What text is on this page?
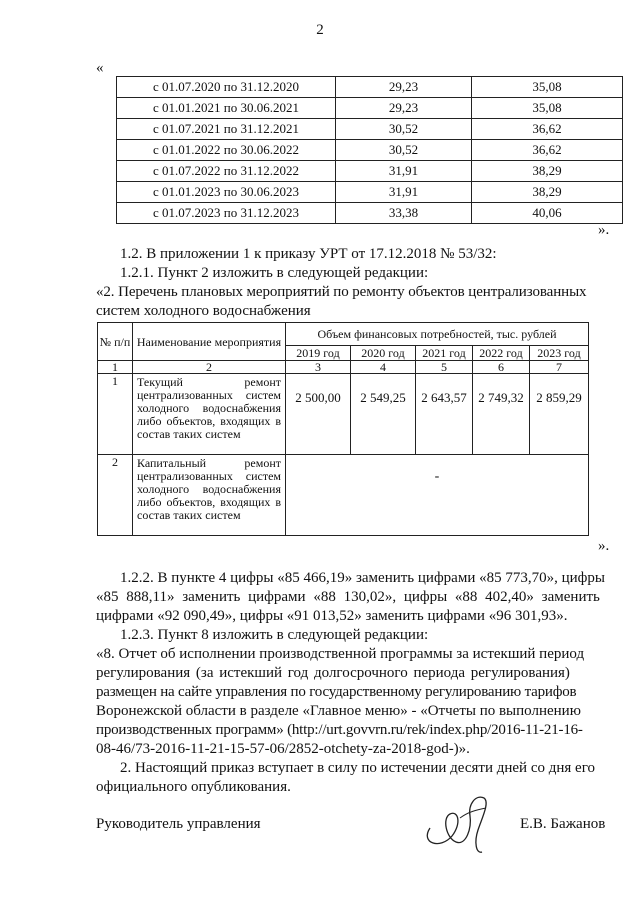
2
«
с 01.07.2020 по 31.12.2020	29,23	35,08
с 01.01.2021 по 30.06.2021	29,23	35,08
с 01.07.2021 по 31.12.2021	30,52	36,62
с 01.01.2022 по 30.06.2022	30,52	36,62
с 01.07.2022 по 31.12.2022	31,91	38,29
с 01.01.2023 по 30.06.2023	31,91	38,29
с 01.07.2023 по 31.12.2023	33,38	40,06
».
1.2. В приложении 1 к приказу УРТ от 17.12.2018 № 53/32:
1.2.1. Пункт 2 изложить в следующей редакции:
«2. Перечень плановых мероприятий по ремонту объектов централизованных
систем холодного водоснабжения
№ п/п	Наименование мероприятия	Объем финансовых потребностей, тыс. рублей				
		2019 год	2020 год	2021 год	2022 год	2023 год
1	2	3	4	5	6	7
1	Текущий ремонт централизованных систем холодного водоснабжения либо объектов, входящих в состав таких систем	2 500,00	2 549,25	2 643,57	2 749,32	2 859,29
2	Капитальный ремонт централизованных систем холодного водоснабжения либо объектов, входящих в состав таких систем	-				
».
1.2.2. В пункте 4 цифры «85 466,19» заменить цифрами «85 773,70», цифры
«85 888,11» заменить цифрами «88 130,02», цифры «88 402,40» заменить
цифрами «92 090,49», цифры «91 013,52» заменить цифрами «96 301,93».
1.2.3. Пункт 8 изложить в следующей редакции:
«8. Отчет об исполнении производственной программы за истекший период
регулирования (за истекший год долгосрочного периода регулирования)
размещен на сайте управления по государственному регулированию тарифов
Воронежской области в разделе «Главное меню» - «Отчеты по выполнению
производственных программ» (http://urt.govvrn.ru/rek/index.php/2016-11-21-16-
08-46/73-2016-11-21-15-57-06/2852-otchety-za-2018-god-)».
2. Настоящий приказ вступает в силу по истечении десяти дней со дня его
официального опубликования.
Руководитель управления	Е.В. Бажанов
